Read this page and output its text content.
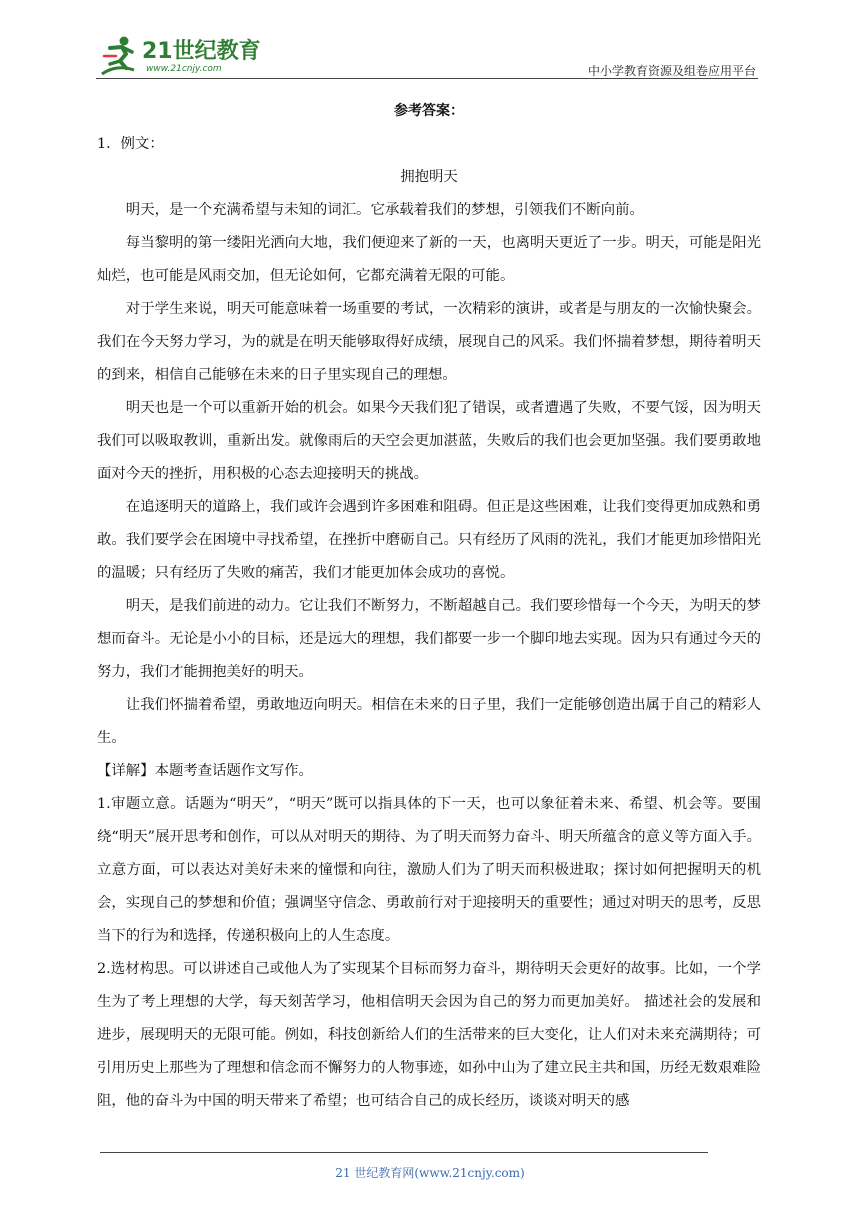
21世纪教育
www.21cnjy.com	中小学教育资源及组卷应用平台
参考答案：

1．例文：

拥抱明天

明天，是一个充满希望与未知的词汇。它承载着我们的梦想，引领我们不断向前。

每当黎明的第一缕阳光洒向大地，我们便迎来了新的一天，也离明天更近了一步。明天，可能是阳光灿烂，也可能是风雨交加，但无论如何，它都充满着无限的可能。

对于学生来说，明天可能意味着一场重要的考试，一次精彩的演讲，或者是与朋友的一次愉快聚会。我们在今天努力学习，为的就是在明天能够取得好成绩，展现自己的风采。我们怀揣着梦想，期待着明天的到来，相信自己能够在未来的日子里实现自己的理想。

明天也是一个可以重新开始的机会。如果今天我们犯了错误，或者遭遇了失败，不要气馁，因为明天我们可以吸取教训，重新出发。就像雨后的天空会更加湛蓝，失败后的我们也会更加坚强。我们要勇敢地面对今天的挫折，用积极的心态去迎接明天的挑战。

在追逐明天的道路上，我们或许会遇到许多困难和阻碍。但正是这些困难，让我们变得更加成熟和勇敢。我们要学会在困境中寻找希望，在挫折中磨砺自己。只有经历了风雨的洗礼，我们才能更加珍惜阳光的温暖；只有经历了失败的痛苦，我们才能更加体会成功的喜悦。

明天，是我们前进的动力。它让我们不断努力，不断超越自己。我们要珍惜每一个今天，为明天的梦想而奋斗。无论是小小的目标，还是远大的理想，我们都要一步一个脚印地去实现。因为只有通过今天的努力，我们才能拥抱美好的明天。

让我们怀揣着希望，勇敢地迈向明天。相信在未来的日子里，我们一定能够创造出属于自己的精彩人生。

【详解】本题考查话题作文写作。

1.审题立意。话题为“明天”，“明天”既可以指具体的下一天，也可以象征着未来、希望、机会等。要围绕“明天”展开思考和创作，可以从对明天的期待、为了明天而努力奋斗、明天所蕴含的意义等方面入手。立意方面，可以表达对美好未来的憧憬和向往，激励人们为了明天而积极进取；探讨如何把握明天的机会，实现自己的梦想和价值；强调坚守信念、勇敢前行对于迎接明天的重要性；通过对明天的思考，反思当下的行为和选择，传递积极向上的人生态度。

2.选材构思。可以讲述自己或他人为了实现某个目标而努力奋斗，期待明天会更好的故事。比如，一个学生为了考上理想的大学，每天刻苦学习，他相信明天会因为自己的努力而更加美好。 描述社会的发展和进步，展现明天的无限可能。例如，科技创新给人们的生活带来的巨大变化，让人们对未来充满期待；可引用历史上那些为了理想和信念而不懈努力的人物事迹，如孙中山为了建立民主共和国，历经无数艰难险阻，他的奋斗为中国的明天带来了希望；也可结合自己的成长经历，谈谈对明天的感

21 世纪教育网(www.21cnjy.com)
